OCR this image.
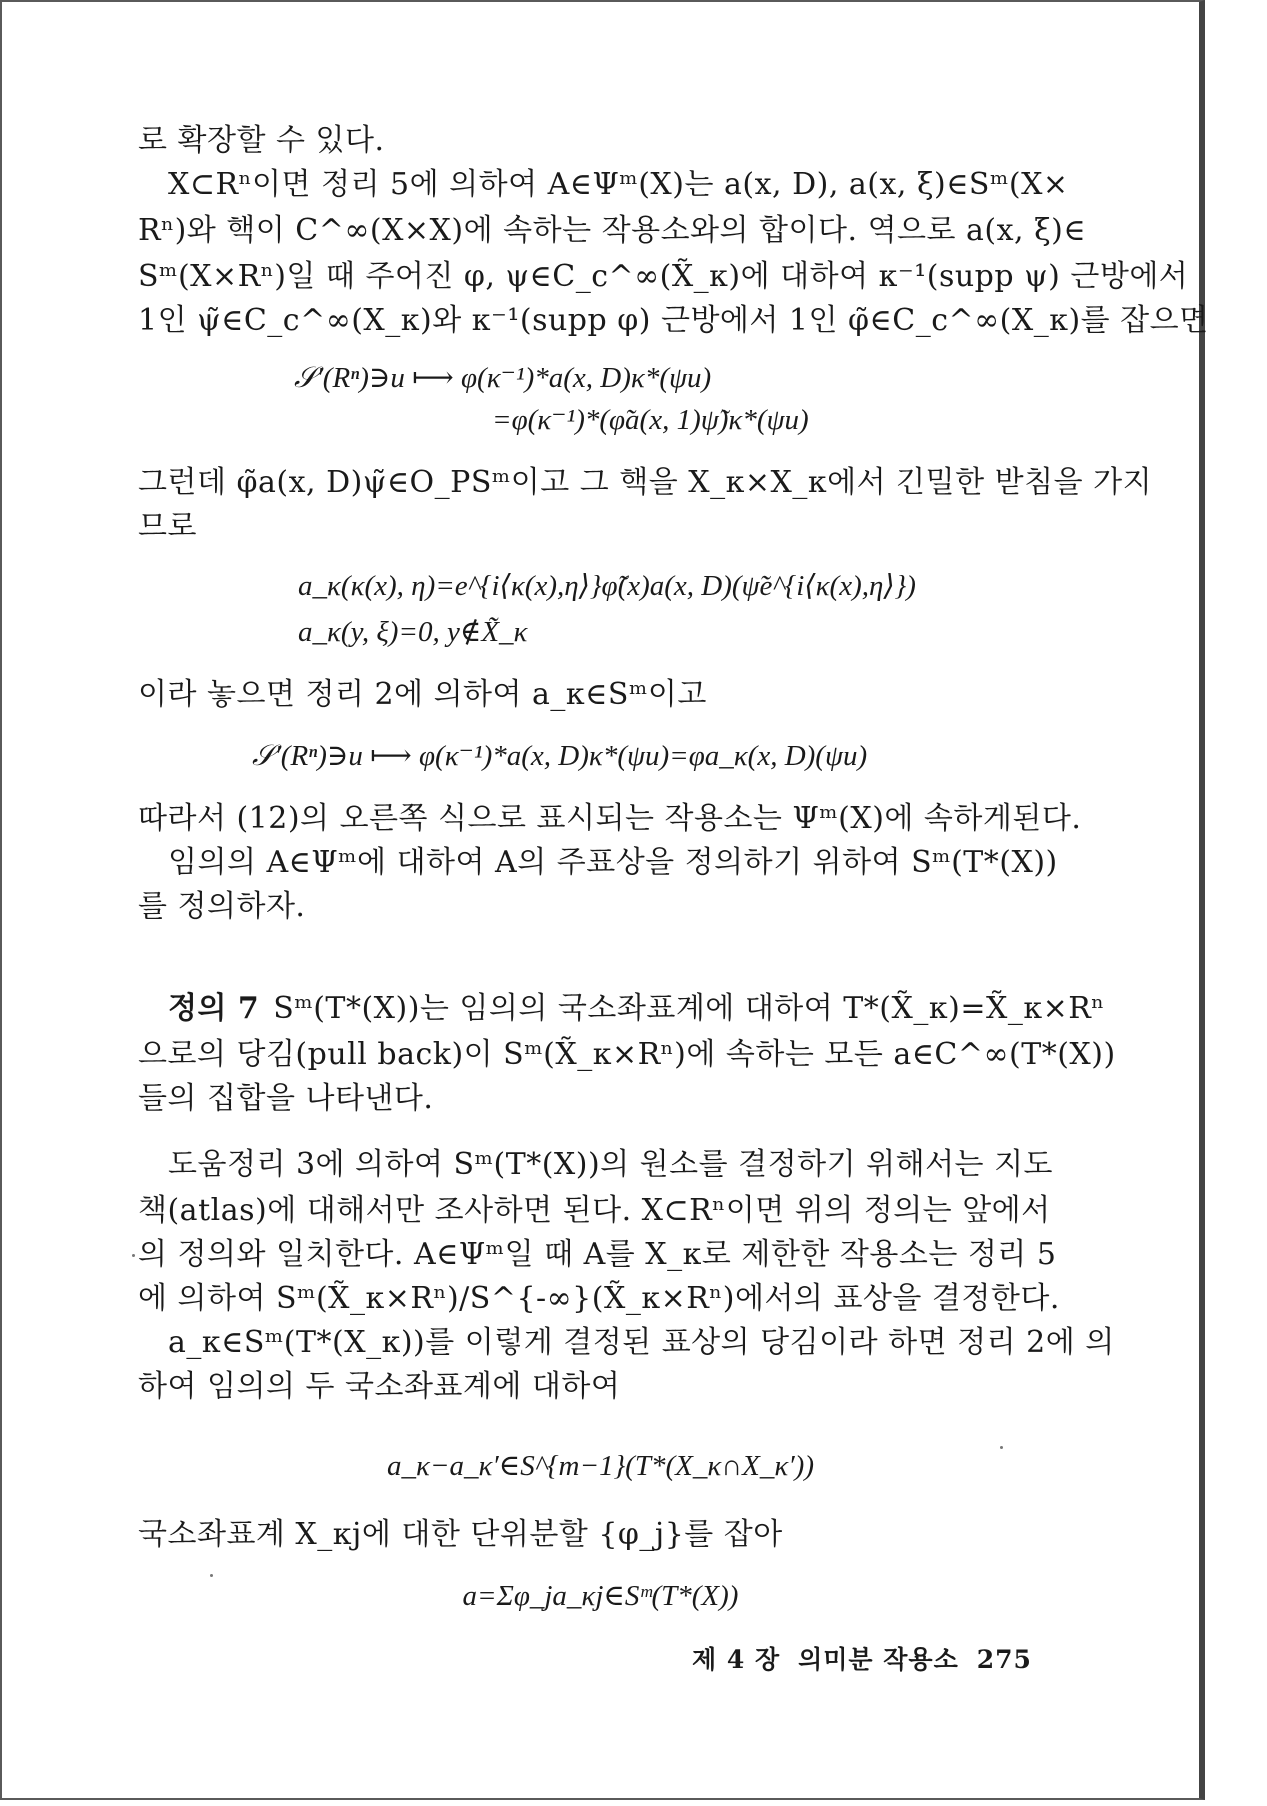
로 확장할 수 있다.
X⊂Rⁿ이면 정리 5에 의하여 A∈Ψᵐ(X)는 a(x, D), a(x, ξ)∈Sᵐ(X×
Rⁿ)와 핵이 C^∞(X×X)에 속하는 작용소와의 합이다. 역으로 a(x, ξ)∈
Sᵐ(X×Rⁿ)일 때 주어진 φ, ψ∈C_c^∞(X̃_κ)에 대하여 κ⁻¹(supp ψ) 근방에서
1인 ψ̃∈C_c^∞(X_κ)와 κ⁻¹(supp φ) 근방에서 1인 φ̃∈C_c^∞(X_κ)를 잡으면
𝒮′(Rⁿ)∋u ⟼ φ(κ⁻¹)*a(x, D)κ*(ψu)
=φ(κ⁻¹)*(φ̃a(x, 1)ψ̃)κ*(ψu)
그런데 φ̃a(x, D)ψ̃∈O_PSᵐ이고 그 핵을 X_κ×X_κ에서 긴밀한 받침을 가지
므로
a_κ(κ(x), η)=e^{i⟨κ(x),η⟩}φ̃(x)a(x, D)(ψ̃e^{i⟨κ(x),η⟩})
a_κ(y, ξ)=0, y∉X̃_κ
이라 놓으면 정리 2에 의하여 a_κ∈Sᵐ이고
𝒮′(Rⁿ)∋u ⟼ φ(κ⁻¹)*a(x, D)κ*(ψu)=φa_κ(x, D)(ψu)
따라서 (12)의 오른쪽 식으로 표시되는 작용소는 Ψᵐ(X)에 속하게된다.
임의의 A∈Ψᵐ에 대하여 A의 주표상을 정의하기 위하여 Sᵐ(T*(X))
를 정의하자.
정의 7 Sᵐ(T*(X))는 임의의 국소좌표계에 대하여 T*(X̃_κ)=X̃_κ×Rⁿ
으로의 당김(pull back)이 Sᵐ(X̃_κ×Rⁿ)에 속하는 모든 a∈C^∞(T*(X))
들의 집합을 나타낸다.
도움정리 3에 의하여 Sᵐ(T*(X))의 원소를 결정하기 위해서는 지도
책(atlas)에 대해서만 조사하면 된다. X⊂Rⁿ이면 위의 정의는 앞에서
의 정의와 일치한다. A∈Ψᵐ일 때 A를 X_κ로 제한한 작용소는 정리 5
에 의하여 Sᵐ(X̃_κ×Rⁿ)/S^{-∞}(X̃_κ×Rⁿ)에서의 표상을 결정한다.
a_κ∈Sᵐ(T*(X_κ))를 이렇게 결정된 표상의 당김이라 하면 정리 2에 의
하여 임의의 두 국소좌표계에 대하여
a_κ−a_κ′∈S^{m−1}(T*(X_κ∩X_κ′))
국소좌표계 X_κj에 대한 단위분할 {φ_j}를 잡아
a=Σφ_ja_κj∈Sᵐ(T*(X))
제 4 장 의미분 작용소 275
